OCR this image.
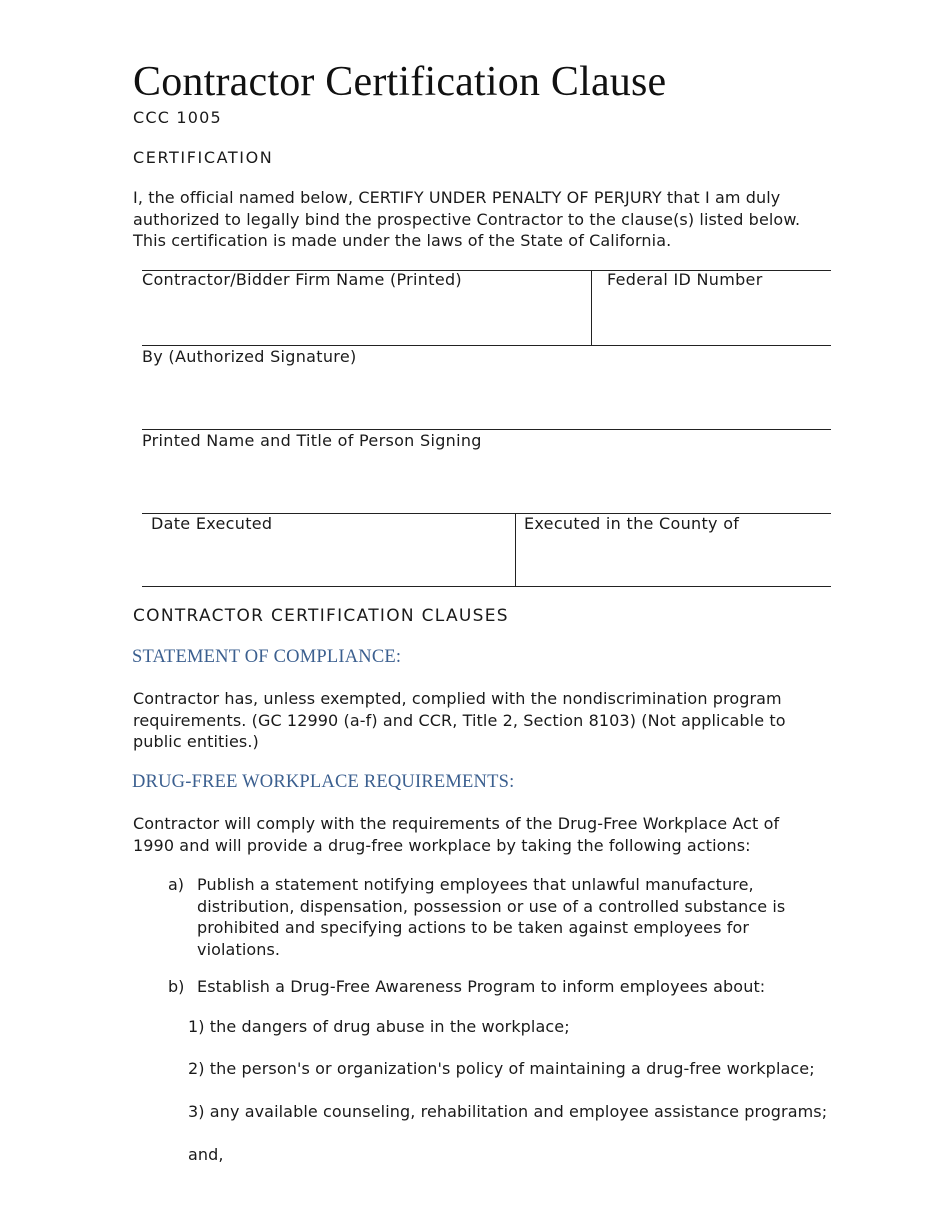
Contractor Certification Clause
CCC 1005
CERTIFICATION
I, the official named below, CERTIFY UNDER PENALTY OF PERJURY that I am duly authorized to legally bind the prospective Contractor to the clause(s) listed below. This certification is made under the laws of the State of California.
Contractor/Bidder Firm Name (Printed)	Federal ID Number
By (Authorized Signature)
Printed Name and Title of Person Signing
Date Executed	Executed in the County of
CONTRACTOR CERTIFICATION CLAUSES
STATEMENT OF COMPLIANCE:
Contractor has, unless exempted, complied with the nondiscrimination program requirements. (GC 12990 (a-f) and CCR, Title 2, Section 8103) (Not applicable to public entities.)
DRUG-FREE WORKPLACE REQUIREMENTS:
Contractor will comply with the requirements of the Drug-Free Workplace Act of 1990 and will provide a drug-free workplace by taking the following actions:
a) Publish a statement notifying employees that unlawful manufacture, distribution, dispensation, possession or use of a controlled substance is prohibited and specifying actions to be taken against employees for violations.
b) Establish a Drug-Free Awareness Program to inform employees about:
1) the dangers of drug abuse in the workplace;
2) the person's or organization's policy of maintaining a drug-free workplace;
3) any available counseling, rehabilitation and employee assistance programs;
and,
